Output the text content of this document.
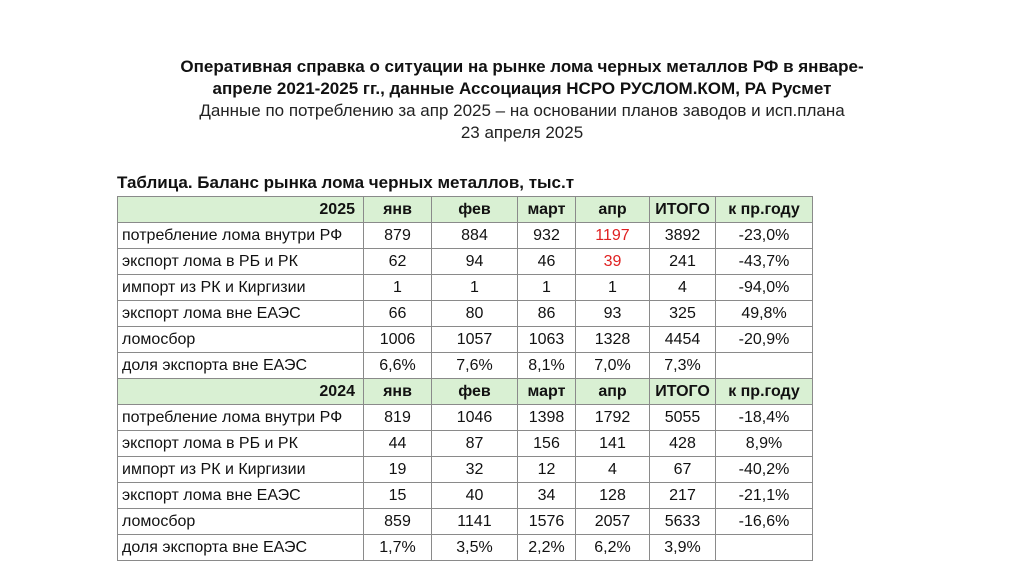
Оперативная справка о ситуации на рынке лома черных металлов РФ в январе-
апреле 2021-2025 гг., данные Ассоциация НСРО РУСЛОМ.КОМ, РА Русмет
Данные по потреблению за апр 2025 – на основании планов заводов и исп.плана
23 апреля 2025
Таблица. Баланс рынка лома черных металлов, тыс.т
2025	янв	фев	март	апр	ИТОГО	к пр.году
потребление лома внутри РФ	879	884	932	1197	3892	-23,0%
экспорт лома в РБ и РК	62	94	46	39	241	-43,7%
импорт из РК и Киргизии	1	1	1	1	4	-94,0%
экспорт лома вне ЕАЭС	66	80	86	93	325	49,8%
ломосбор	1006	1057	1063	1328	4454	-20,9%
доля экспорта вне ЕАЭС	6,6%	7,6%	8,1%	7,0%	7,3%	
2024	янв	фев	март	апр	ИТОГО	к пр.году
потребление лома внутри РФ	819	1046	1398	1792	5055	-18,4%
экспорт лома в РБ и РК	44	87	156	141	428	8,9%
импорт из РК и Киргизии	19	32	12	4	67	-40,2%
экспорт лома вне ЕАЭС	15	40	34	128	217	-21,1%
ломосбор	859	1141	1576	2057	5633	-16,6%
доля экспорта вне ЕАЭС	1,7%	3,5%	2,2%	6,2%	3,9%	
